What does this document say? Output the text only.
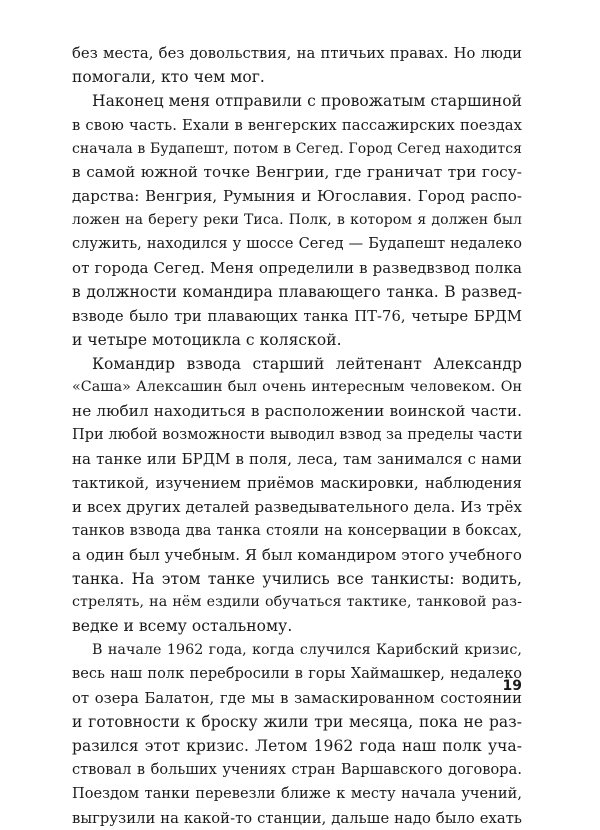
без места, без довольствия, на птичьих правах. Но люди
помогали, кто чем мог.
Наконец меня отправили с провожатым старшиной
в свою часть. Ехали в венгерских пассажирских поездах
сначала в Будапешт, потом в Сегед. Город Сегед находится
в самой южной точке Венгрии, где граничат три госу-
дарства: Венгрия, Румыния и Югославия. Город распо-
ложен на берегу реки Тиса. Полк, в котором я должен был
служить, находился у шоссе Сегед — Будапешт недалеко
от города Сегед. Меня определили в разведвзвод полка
в должности командира плавающего танка. В развед-
взводе было три плавающих танка ПТ-76, четыре БРДМ
и четыре мотоцикла с коляской.
Командир взвода старший лейтенант Александр
«Саша» Алексашин был очень интересным человеком. Он
не любил находиться в расположении воинской части.
При любой возможности выводил взвод за пределы части
на танке или БРДМ в поля, леса, там занимался с нами
тактикой, изучением приёмов маскировки, наблюдения
и всех других деталей разведывательного дела. Из трёх
танков взвода два танка стояли на консервации в боксах,
а один был учебным. Я был командиром этого учебного
танка. На этом танке учились все танкисты: водить,
стрелять, на нём ездили обучаться тактике, танковой раз-
ведке и всему остальному.
В начале 1962 года, когда случился Карибский кризис,
весь наш полк перебросили в горы Хаймашкер, недалеко
от озера Балатон, где мы в замаскированном состоянии
и готовности к броску жили три месяца, пока не раз-
разился этот кризис. Летом 1962 года наш полк уча-
ствовал в больших учениях стран Варшавского договора.
Поездом танки перевезли ближе к месту начала учений,
выгрузили на какой-то станции, дальше надо было ехать
19
